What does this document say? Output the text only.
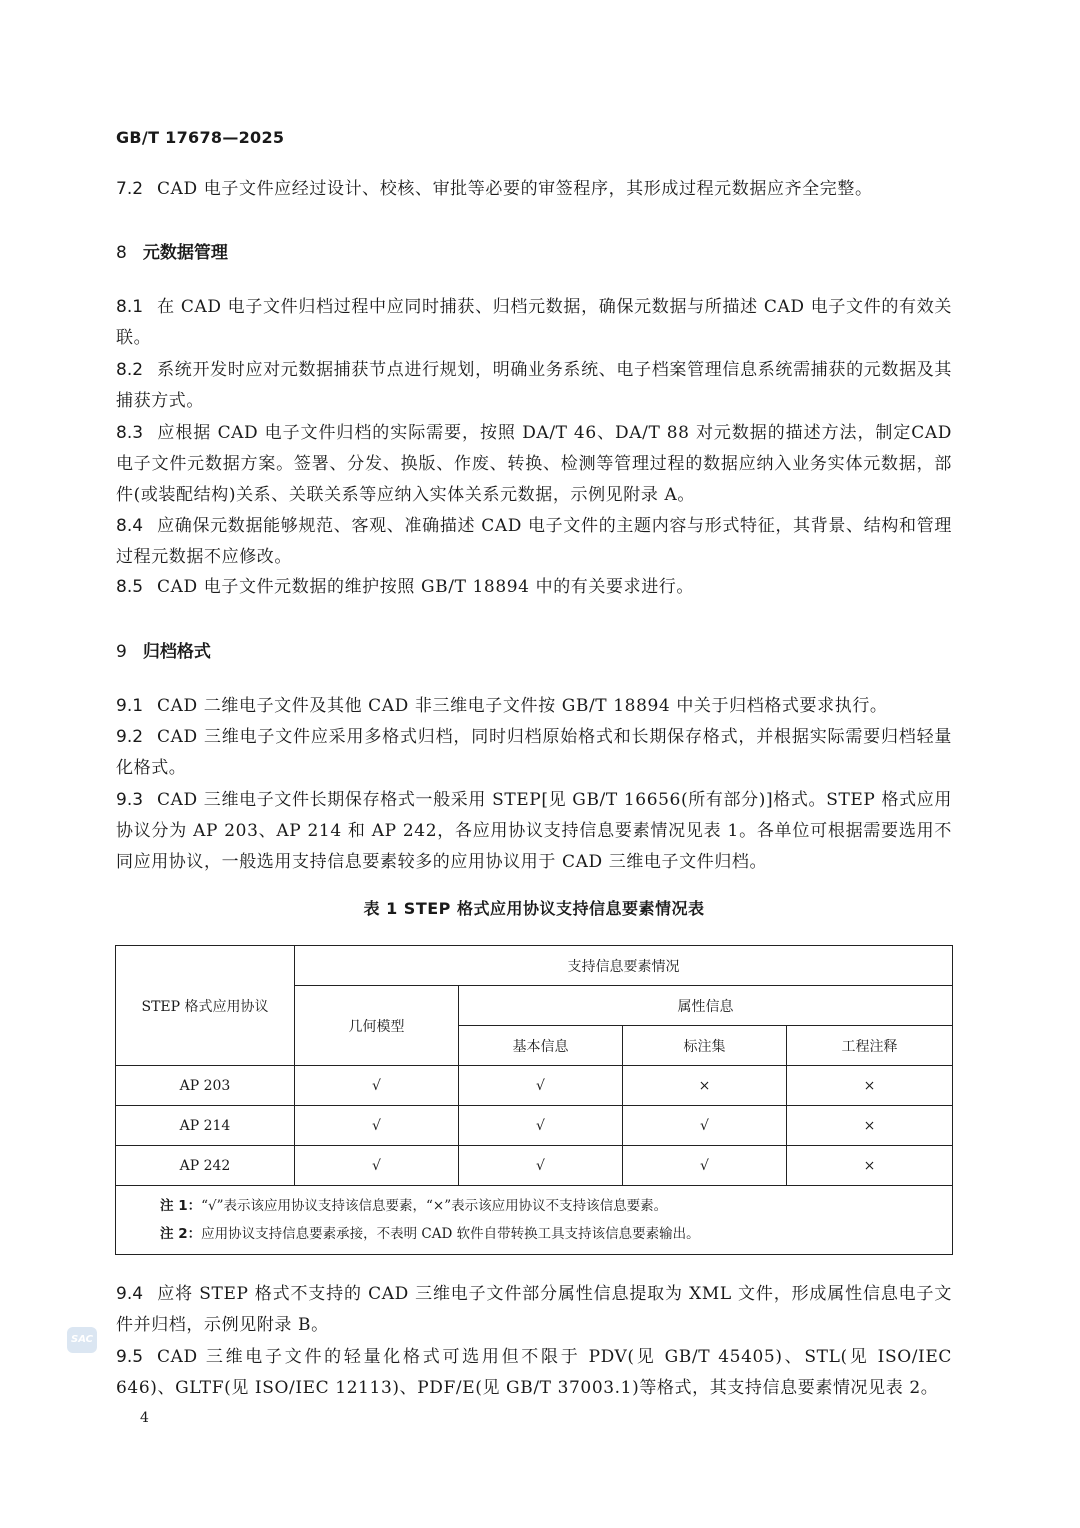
GB/T 17678—2025
7.2 CAD 电子文件应经过设计、校核、审批等必要的审签程序，其形成过程元数据应齐全完整。
8 元数据管理
8.1 在 CAD 电子文件归档过程中应同时捕获、归档元数据，确保元数据与所描述 CAD 电子文件的有效关联。
8.2 系统开发时应对元数据捕获节点进行规划，明确业务系统、电子档案管理信息系统需捕获的元数据及其捕获方式。
8.3 应根据 CAD 电子文件归档的实际需要，按照 DA/T 46、DA/T 88 对元数据的描述方法，制定CAD 电子文件元数据方案。签署、分发、换版、作废、转换、检测等管理过程的数据应纳入业务实体元数据，部件(或装配结构)关系、关联关系等应纳入实体关系元数据，示例见附录 A。
8.4 应确保元数据能够规范、客观、准确描述 CAD 电子文件的主题内容与形式特征，其背景、结构和管理过程元数据不应修改。
8.5 CAD 电子文件元数据的维护按照 GB/T 18894 中的有关要求进行。
9 归档格式
9.1 CAD 二维电子文件及其他 CAD 非三维电子文件按 GB/T 18894 中关于归档格式要求执行。
9.2 CAD 三维电子文件应采用多格式归档，同时归档原始格式和长期保存格式，并根据实际需要归档轻量化格式。
9.3 CAD 三维电子文件长期保存格式一般采用 STEP[见 GB/T 16656(所有部分)]格式。STEP 格式应用协议分为 AP 203、AP 214 和 AP 242，各应用协议支持信息要素情况见表 1。各单位可根据需要选用不同应用协议，一般选用支持信息要素较多的应用协议用于 CAD 三维电子文件归档。
表 1 STEP 格式应用协议支持信息要素情况表
STEP 格式应用协议	支持信息要素情况			
	几何模型	属性信息		
		基本信息	标注集	工程注释
AP 203	√	√	×	×
AP 214	√	√	√	×
AP 242	√	√	√	×

注 1：“√”表示该应用协议支持该信息要素，“×”表示该应用协议不支持该信息要素。
注 2：应用协议支持信息要素承接，不表明 CAD 软件自带转换工具支持该信息要素输出。				
9.4 应将 STEP 格式不支持的 CAD 三维电子文件部分属性信息提取为 XML 文件，形成属性信息电子文件并归档，示例见附录 B。
SAC
9.5 CAD 三维电子文件的轻量化格式可选用但不限于 PDV(见 GB/T 45405)、STL(见 ISO/IEC 646)、GLTF(见 ISO/IEC 12113)、PDF/E(见 GB/T 37003.1)等格式，其支持信息要素情况见表 2。
4
